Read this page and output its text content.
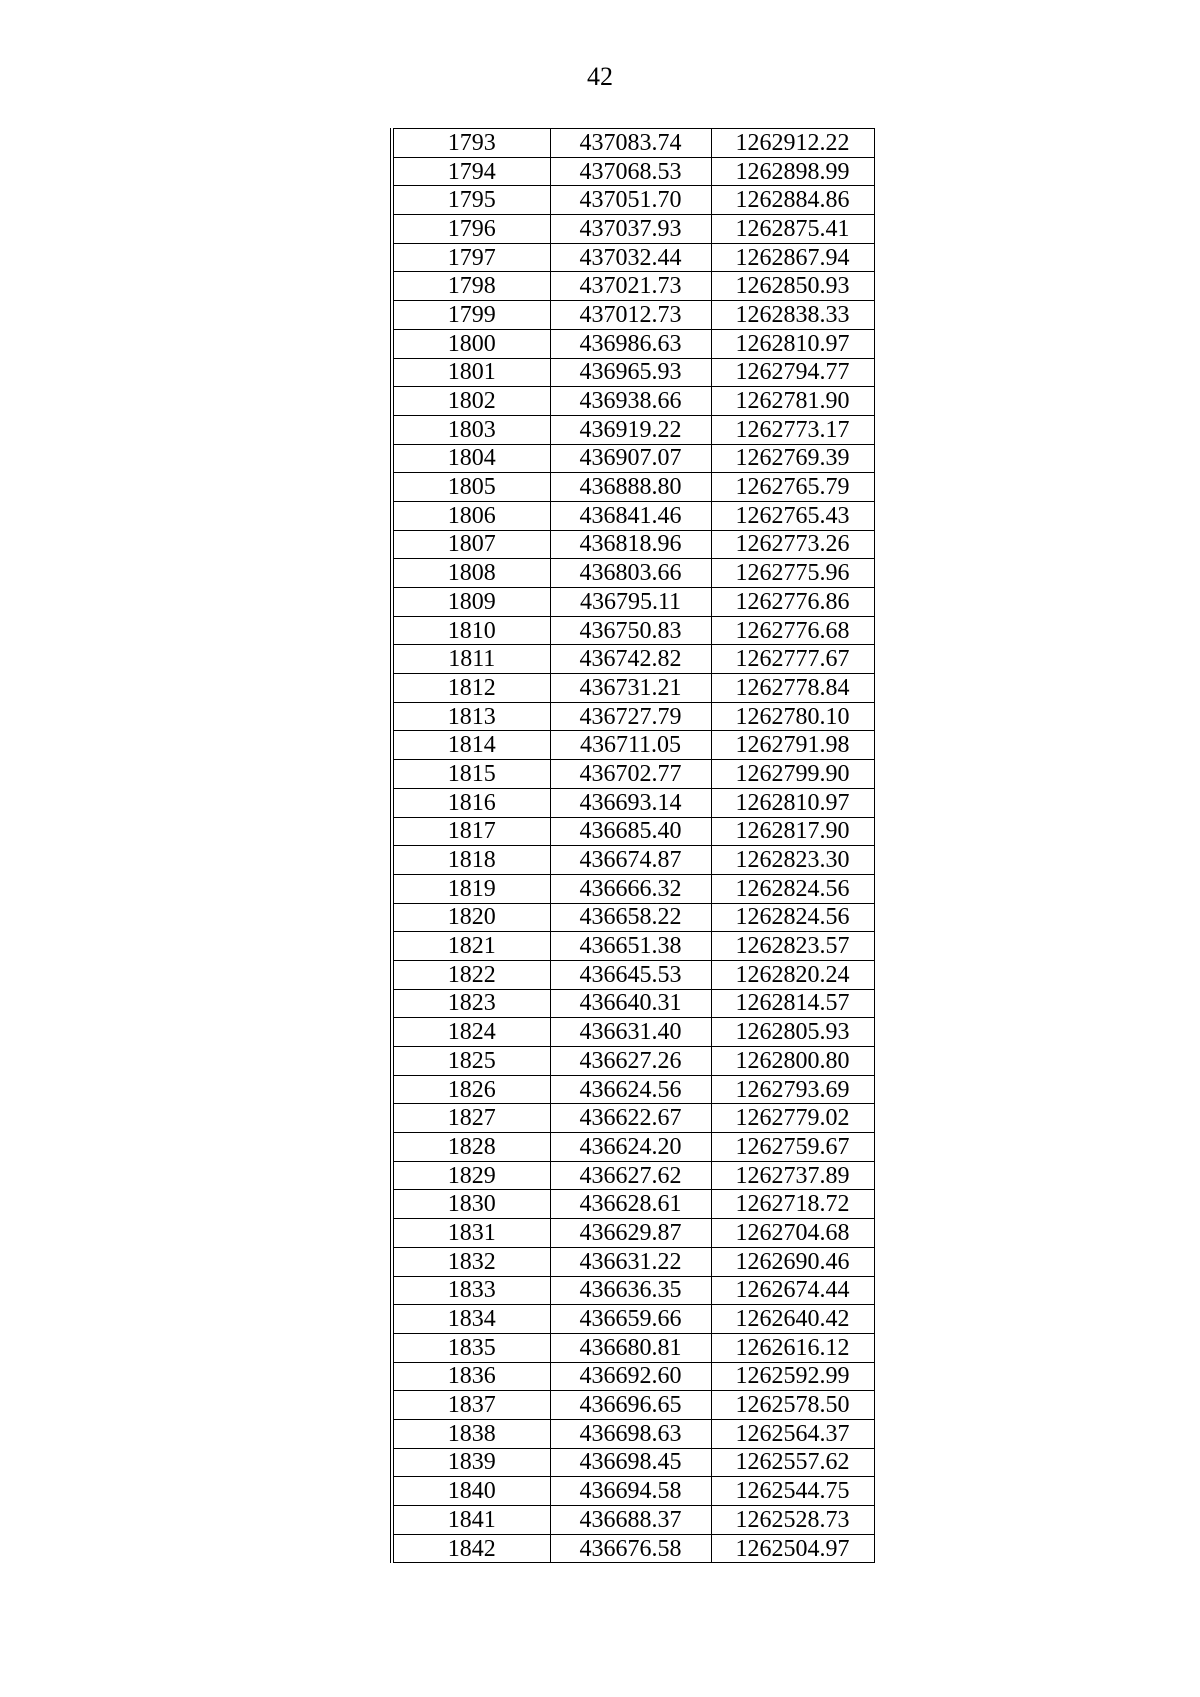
42
1793	437083.74	1262912.22
1794	437068.53	1262898.99
1795	437051.70	1262884.86
1796	437037.93	1262875.41
1797	437032.44	1262867.94
1798	437021.73	1262850.93
1799	437012.73	1262838.33
1800	436986.63	1262810.97
1801	436965.93	1262794.77
1802	436938.66	1262781.90
1803	436919.22	1262773.17
1804	436907.07	1262769.39
1805	436888.80	1262765.79
1806	436841.46	1262765.43
1807	436818.96	1262773.26
1808	436803.66	1262775.96
1809	436795.11	1262776.86
1810	436750.83	1262776.68
1811	436742.82	1262777.67
1812	436731.21	1262778.84
1813	436727.79	1262780.10
1814	436711.05	1262791.98
1815	436702.77	1262799.90
1816	436693.14	1262810.97
1817	436685.40	1262817.90
1818	436674.87	1262823.30
1819	436666.32	1262824.56
1820	436658.22	1262824.56
1821	436651.38	1262823.57
1822	436645.53	1262820.24
1823	436640.31	1262814.57
1824	436631.40	1262805.93
1825	436627.26	1262800.80
1826	436624.56	1262793.69
1827	436622.67	1262779.02
1828	436624.20	1262759.67
1829	436627.62	1262737.89
1830	436628.61	1262718.72
1831	436629.87	1262704.68
1832	436631.22	1262690.46
1833	436636.35	1262674.44
1834	436659.66	1262640.42
1835	436680.81	1262616.12
1836	436692.60	1262592.99
1837	436696.65	1262578.50
1838	436698.63	1262564.37
1839	436698.45	1262557.62
1840	436694.58	1262544.75
1841	436688.37	1262528.73
1842	436676.58	1262504.97
